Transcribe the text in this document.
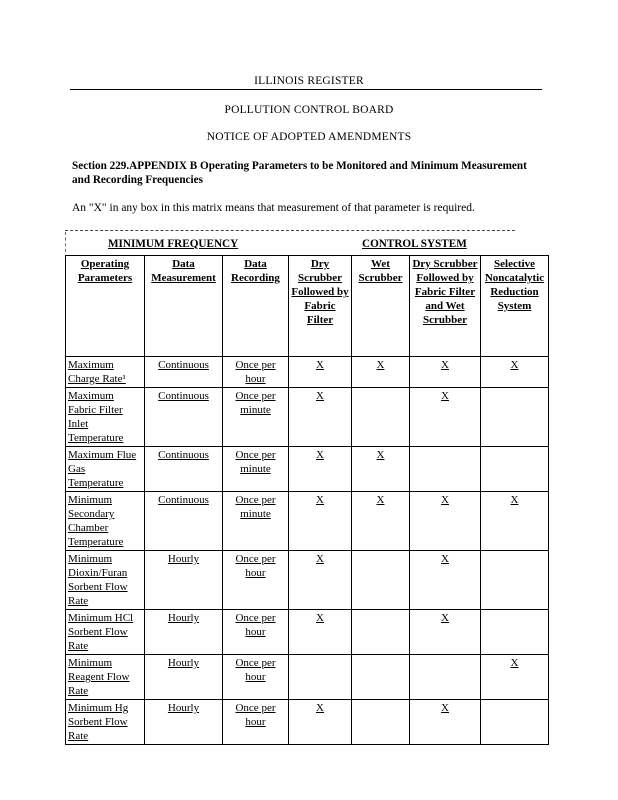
ILLINOIS REGISTER
POLLUTION CONTROL BOARD
NOTICE OF ADOPTED AMENDMENTS
Section 229.APPENDIX B Operating Parameters to be Monitored and Minimum Measurement and Recording Frequencies
An "X" in any box in this matrix means that measurement of that parameter is required.
MINIMUM FREQUENCY	CONTROL SYSTEM
Operating Parameters	Data Measurement	Data Recording	Dry Scrubber Followed by Fabric Filter	Wet Scrubber	Dry Scrubber Followed by Fabric Filter and Wet Scrubber	Selective Noncatalytic Reduction System
Maximum Charge Rate¹	Continuous	Once per hour	X	X	X	X
Maximum Fabric Filter Inlet Temperature	Continuous	Once per minute	X		X	
Maximum Flue Gas Temperature	Continuous	Once per minute	X	X		
Minimum Secondary Chamber Temperature	Continuous	Once per minute	X	X	X	X
Minimum Dioxin/Furan Sorbent Flow Rate	Hourly	Once per hour	X		X	
Minimum HCl Sorbent Flow Rate	Hourly	Once per hour	X		X	
Minimum Reagent Flow Rate	Hourly	Once per hour				X
Minimum Hg Sorbent Flow Rate	Hourly	Once per hour	X		X	
